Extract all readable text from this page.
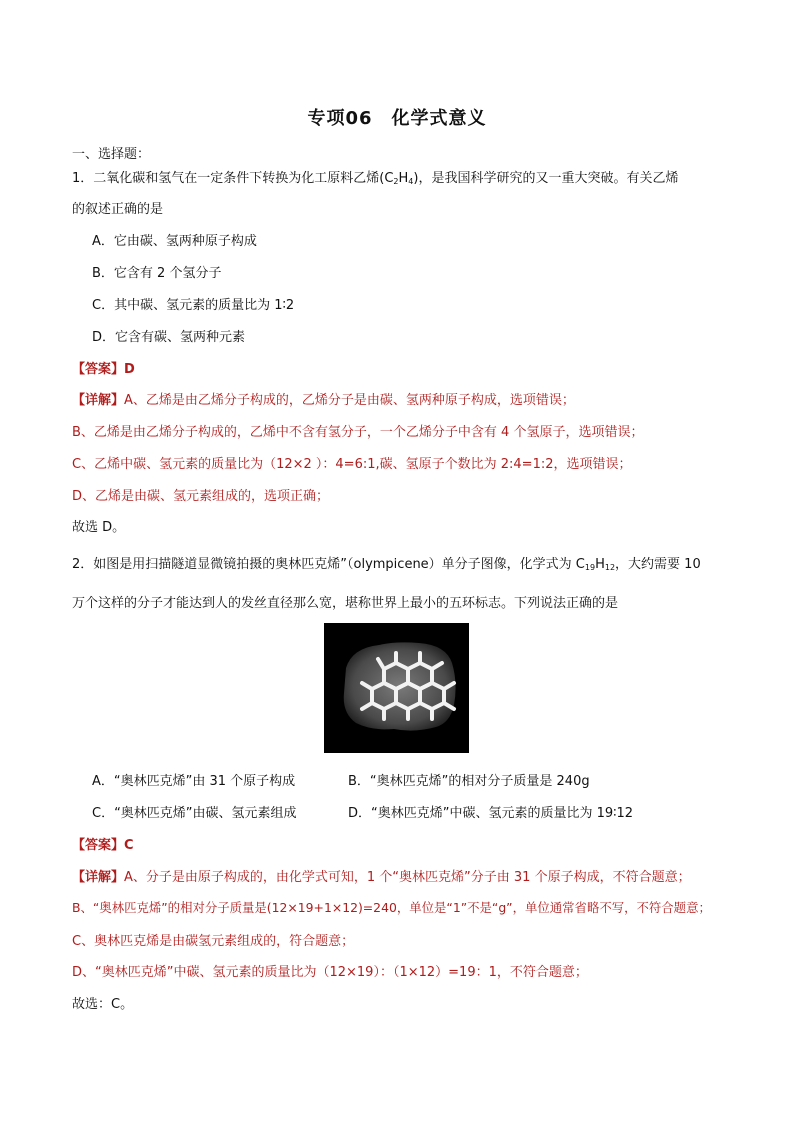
专项06　化学式意义
一、选择题：
1．二氧化碳和氢气在一定条件下转换为化工原料乙烯$(C_2H_4)$，是我国科学研究的又一重大突破。有关乙烯
的叙述正确的是
A．它由碳、氢两种原子构成
B．它含有 2 个氢分子
C．其中碳、氢元素的质量比为 1∶2
D．它含有碳、氢两种元素
【答案】D
【详解】A、乙烯是由乙烯分子构成的，乙烯分子是由碳、氢两种原子构成，选项错误；
B、乙烯是由乙烯分子构成的，乙烯中不含有氢分子，一个乙烯分子中含有 4 个氢原子，选项错误；
C、乙烯中碳、氢元素的质量比为（12×2 ）：4=6:1,碳、氢原子个数比为 2:4=1:2，选项错误；
D、乙烯是由碳、氢元素组成的，选项正确；
故选 D。
2．如图是用扫描隧道显微镜拍摄的奥林匹克烯”（olympicene）单分子图像，化学式为 $C_{19}H_{12}$，大约需要 10
万个这样的分子才能达到人的发丝直径那么宽，堪称世界上最小的五环标志。下列说法正确的是
A．“奥林匹克烯”由 31 个原子构成	B．“奥林匹克烯”的相对分子质量是 240g
C．“奥林匹克烯”由碳、氢元素组成	D．“奥林匹克烯”中碳、氢元素的质量比为 19∶12
【答案】C
【详解】A、分子是由原子构成的，由化学式可知，1 个“奥林匹克烯”分子由 31 个原子构成，不符合题意；
B、“奥林匹克烯”的相对分子质量是(12×19+1×12)=240，单位是“1”不是“g”，单位通常省略不写，不符合题意；
C、奥林匹克烯是由碳氢元素组成的，符合题意；
D、“奥林匹克烯”中碳、氢元素的质量比为（12×19）：（1×12）=19：1，不符合题意；
故选：C。
